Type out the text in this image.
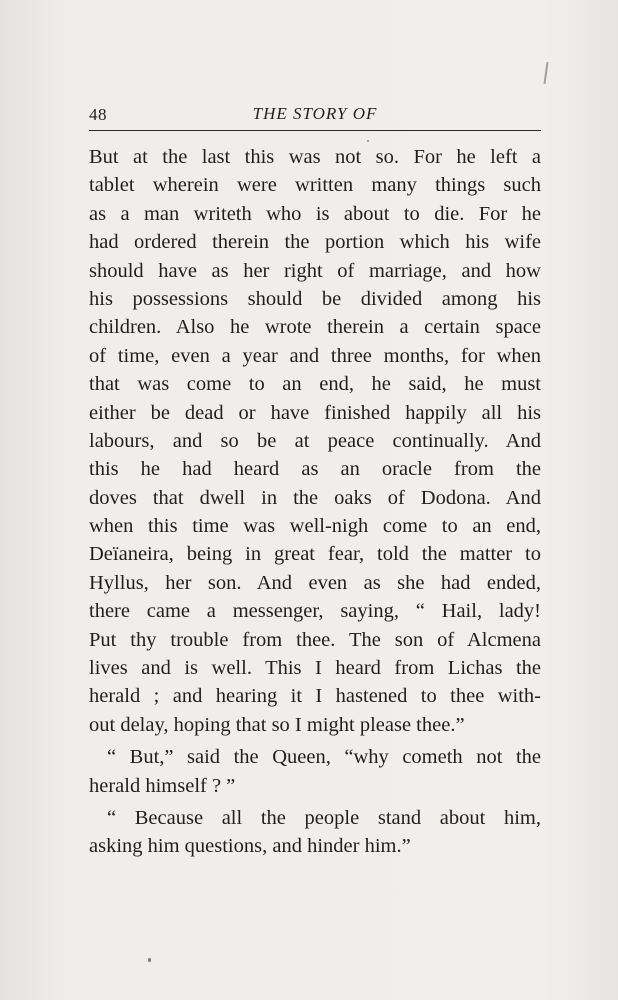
48	THE STORY OF
But at the last this was not so. For he left a
tablet wherein were written many things such
as a man writeth who is about to die. For he
had ordered therein the portion which his wife
should have as her right of marriage, and how
his possessions should be divided among his
children. Also he wrote therein a certain space
of time, even a year and three months, for when
that was come to an end, he said, he must
either be dead or have finished happily all his
labours, and so be at peace continually. And
this he had heard as an oracle from the
doves that dwell in the oaks of Dodona. And
when this time was well-nigh come to an end,
Deïaneira, being in great fear, told the matter to
Hyllus, her son. And even as she had ended,
there came a messenger, saying, “ Hail, lady!
Put thy trouble from thee. The son of Alcmena
lives and is well. This I heard from Lichas the
herald ; and hearing it I hastened to thee with-
out delay, hoping that so I might please thee.”
“ But,” said the Queen, “why cometh not the
herald himself ? ”
“ Because all the people stand about him,
asking him questions, and hinder him.”
